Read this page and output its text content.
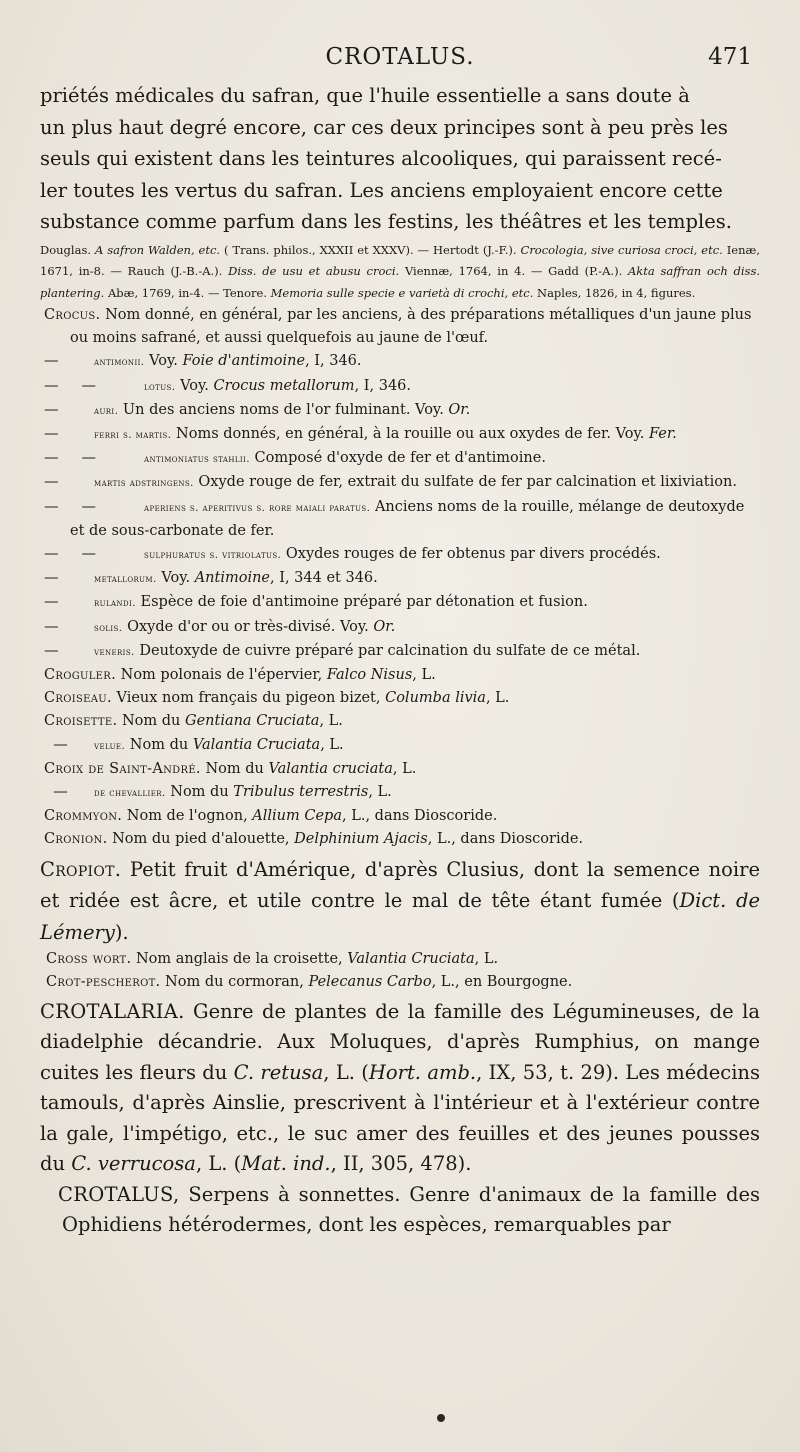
CROTALUS.	471

priétés médicales du safran, que l'huile essentielle a sans doute à

un plus haut degré encore, car ces deux principes sont à peu près les

seuls qui existent dans les teintures alcooliques, qui paraissent recé-

ler toutes les vertus du safran. Les anciens employaient encore cette

substance comme parfum dans les festins, les théâtres et les temples.

Douglas. A safron Walden, etc. ( Trans. philos., XXXII et XXXV). — Hertodt (J.-F.). Crocologia, sive curiosa croci, etc. Ienæ, 1671, in-8. — Rauch (J.-B.-A.). Diss. de usu et abusu croci. Viennæ, 1764, in 4. — Gadd (P.-A.). Akta saffran och diss. plantering. Abæ, 1769, in-4. — Tenore. Memoria sulle specie e varietà di crochi, etc. Naples, 1826, in 4, figures.

Crocus. Nom donné, en général, par les anciens, à des préparations métalliques d'un jaune plus ou moins safrané, et aussi quelquefois au jaune de l'œuf.

—	antimonii. Voy. Foie d'antimoine, I, 346.

—     —	lotus. Voy. Crocus metallorum, I, 346.

—	auri. Un des anciens noms de l'or fulminant. Voy. Or.

—	ferri s. martis. Noms donnés, en général, à la rouille ou aux oxydes de fer. Voy. Fer.

—     —	antimoniatus stahlii. Composé d'oxyde de fer et d'antimoine.

—	martis adstringens. Oxyde rouge de fer, extrait du sulfate de fer par calcination et lixiviation.

—     —	aperiens s. aperitivus s. rore maiali paratus. Anciens noms de la rouille, mélange de deutoxyde et de sous-carbonate de fer.

—     —	sulphuratus s. vitriolatus. Oxydes rouges de fer obtenus par divers procédés.

—	metallorum. Voy. Antimoine, I, 344 et 346.

—	rulandi. Espèce de foie d'antimoine préparé par détonation et fusion.

—	solis. Oxyde d'or ou or très-divisé. Voy. Or.

—	veneris. Deutoxyde de cuivre préparé par calcination du sulfate de ce métal.

Croguler. Nom polonais de l'épervier, Falco Nisus, L.

Croiseau. Vieux nom français du pigeon bizet, Columba livia, L.

Croisette. Nom du Gentiana Cruciata, L.

—	velue. Nom du Valantia Cruciata, L.

Croix de Saint-André. Nom du Valantia cruciata, L.

—	de chevallier. Nom du Tribulus terrestris, L.

Crommyon. Nom de l'ognon, Allium Cepa, L., dans Dioscoride.

Cronion. Nom du pied d'alouette, Delphinium Ajacis, L., dans Dioscoride.

Cropiot. Petit fruit d'Amérique, d'après Clusius, dont la semence noire et ridée est âcre, et utile contre le mal de tête étant fumée (Dict. de Lémery).

Cross wort. Nom anglais de la croisette, Valantia Cruciata, L.

Crot-pescherot. Nom du cormoran, Pelecanus Carbo, L., en Bourgogne.

CROTALARIA. Genre de plantes de la famille des Légumineuses, de la diadelphie décandrie. Aux Moluques, d'après Rumphius, on mange cuites les fleurs du C. retusa, L. (Hort. amb., IX, 53, t. 29). Les médecins tamouls, d'après Ainslie, prescrivent à l'intérieur et à l'extérieur contre la gale, l'impétigo, etc., le suc amer des feuilles et des jeunes pousses du C. verrucosa, L. (Mat. ind., II, 305, 478).

CROTALUS, Serpens à sonnettes. Genre d'animaux de la famille des Ophidiens hétérodermes, dont les espèces, remarquables par
